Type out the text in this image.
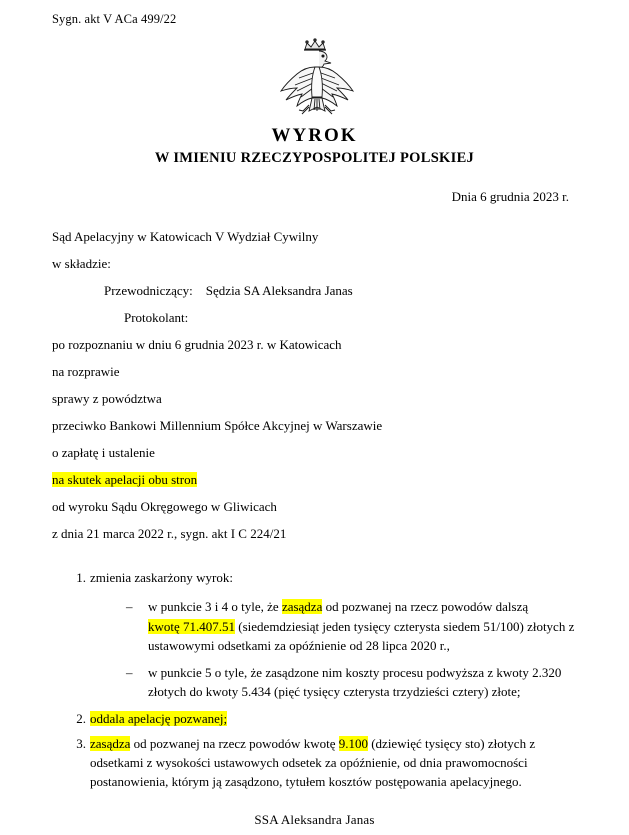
Sygn. akt V ACa 499/22
WYROK
W IMIENIU RZECZYPOSPOLITEJ POLSKIEJ
Dnia 6 grudnia 2023 r.
Sąd Apelacyjny w Katowicach V Wydział Cywilny
w składzie:
Przewodniczący: Sędzia SA Aleksandra Janas
Protokolant:
po rozpoznaniu w dniu 6 grudnia 2023 r. w Katowicach
na rozprawie
sprawy z powództwa
przeciwko Bankowi Millennium Spółce Akcyjnej w Warszawie
o zapłatę i ustalenie
na skutek apelacji obu stron
od wyroku Sądu Okręgowego w Gliwicach
z dnia 21 marca 2022 r., sygn. akt I C 224/21
1. zmienia zaskarżony wyrok:
– w punkcie 3 i 4 o tyle, że zasądza od pozwanej na rzecz powodów dalszą kwotę 71.407.51 (siedemdziesiąt jeden tysięcy czterysta siedem 51/100) złotych z ustawowymi odsetkami za opóźnienie od 28 lipca 2020 r.,
– w punkcie 5 o tyle, że zasądzone nim koszty procesu podwyższa z kwoty 2.320 złotych do kwoty 5.434 (pięć tysięcy czterysta trzydzieści cztery) złote;
2. oddala apelację pozwanej;
3. zasądza od pozwanej na rzecz powodów kwotę 9.100 (dziewięć tysięcy sto) złotych z odsetkami z wysokości ustawowych odsetek za opóźnienie, od dnia prawomocności postanowienia, którym ją zasądzono, tytułem kosztów postępowania apelacyjnego.
SSA Aleksandra Janas
